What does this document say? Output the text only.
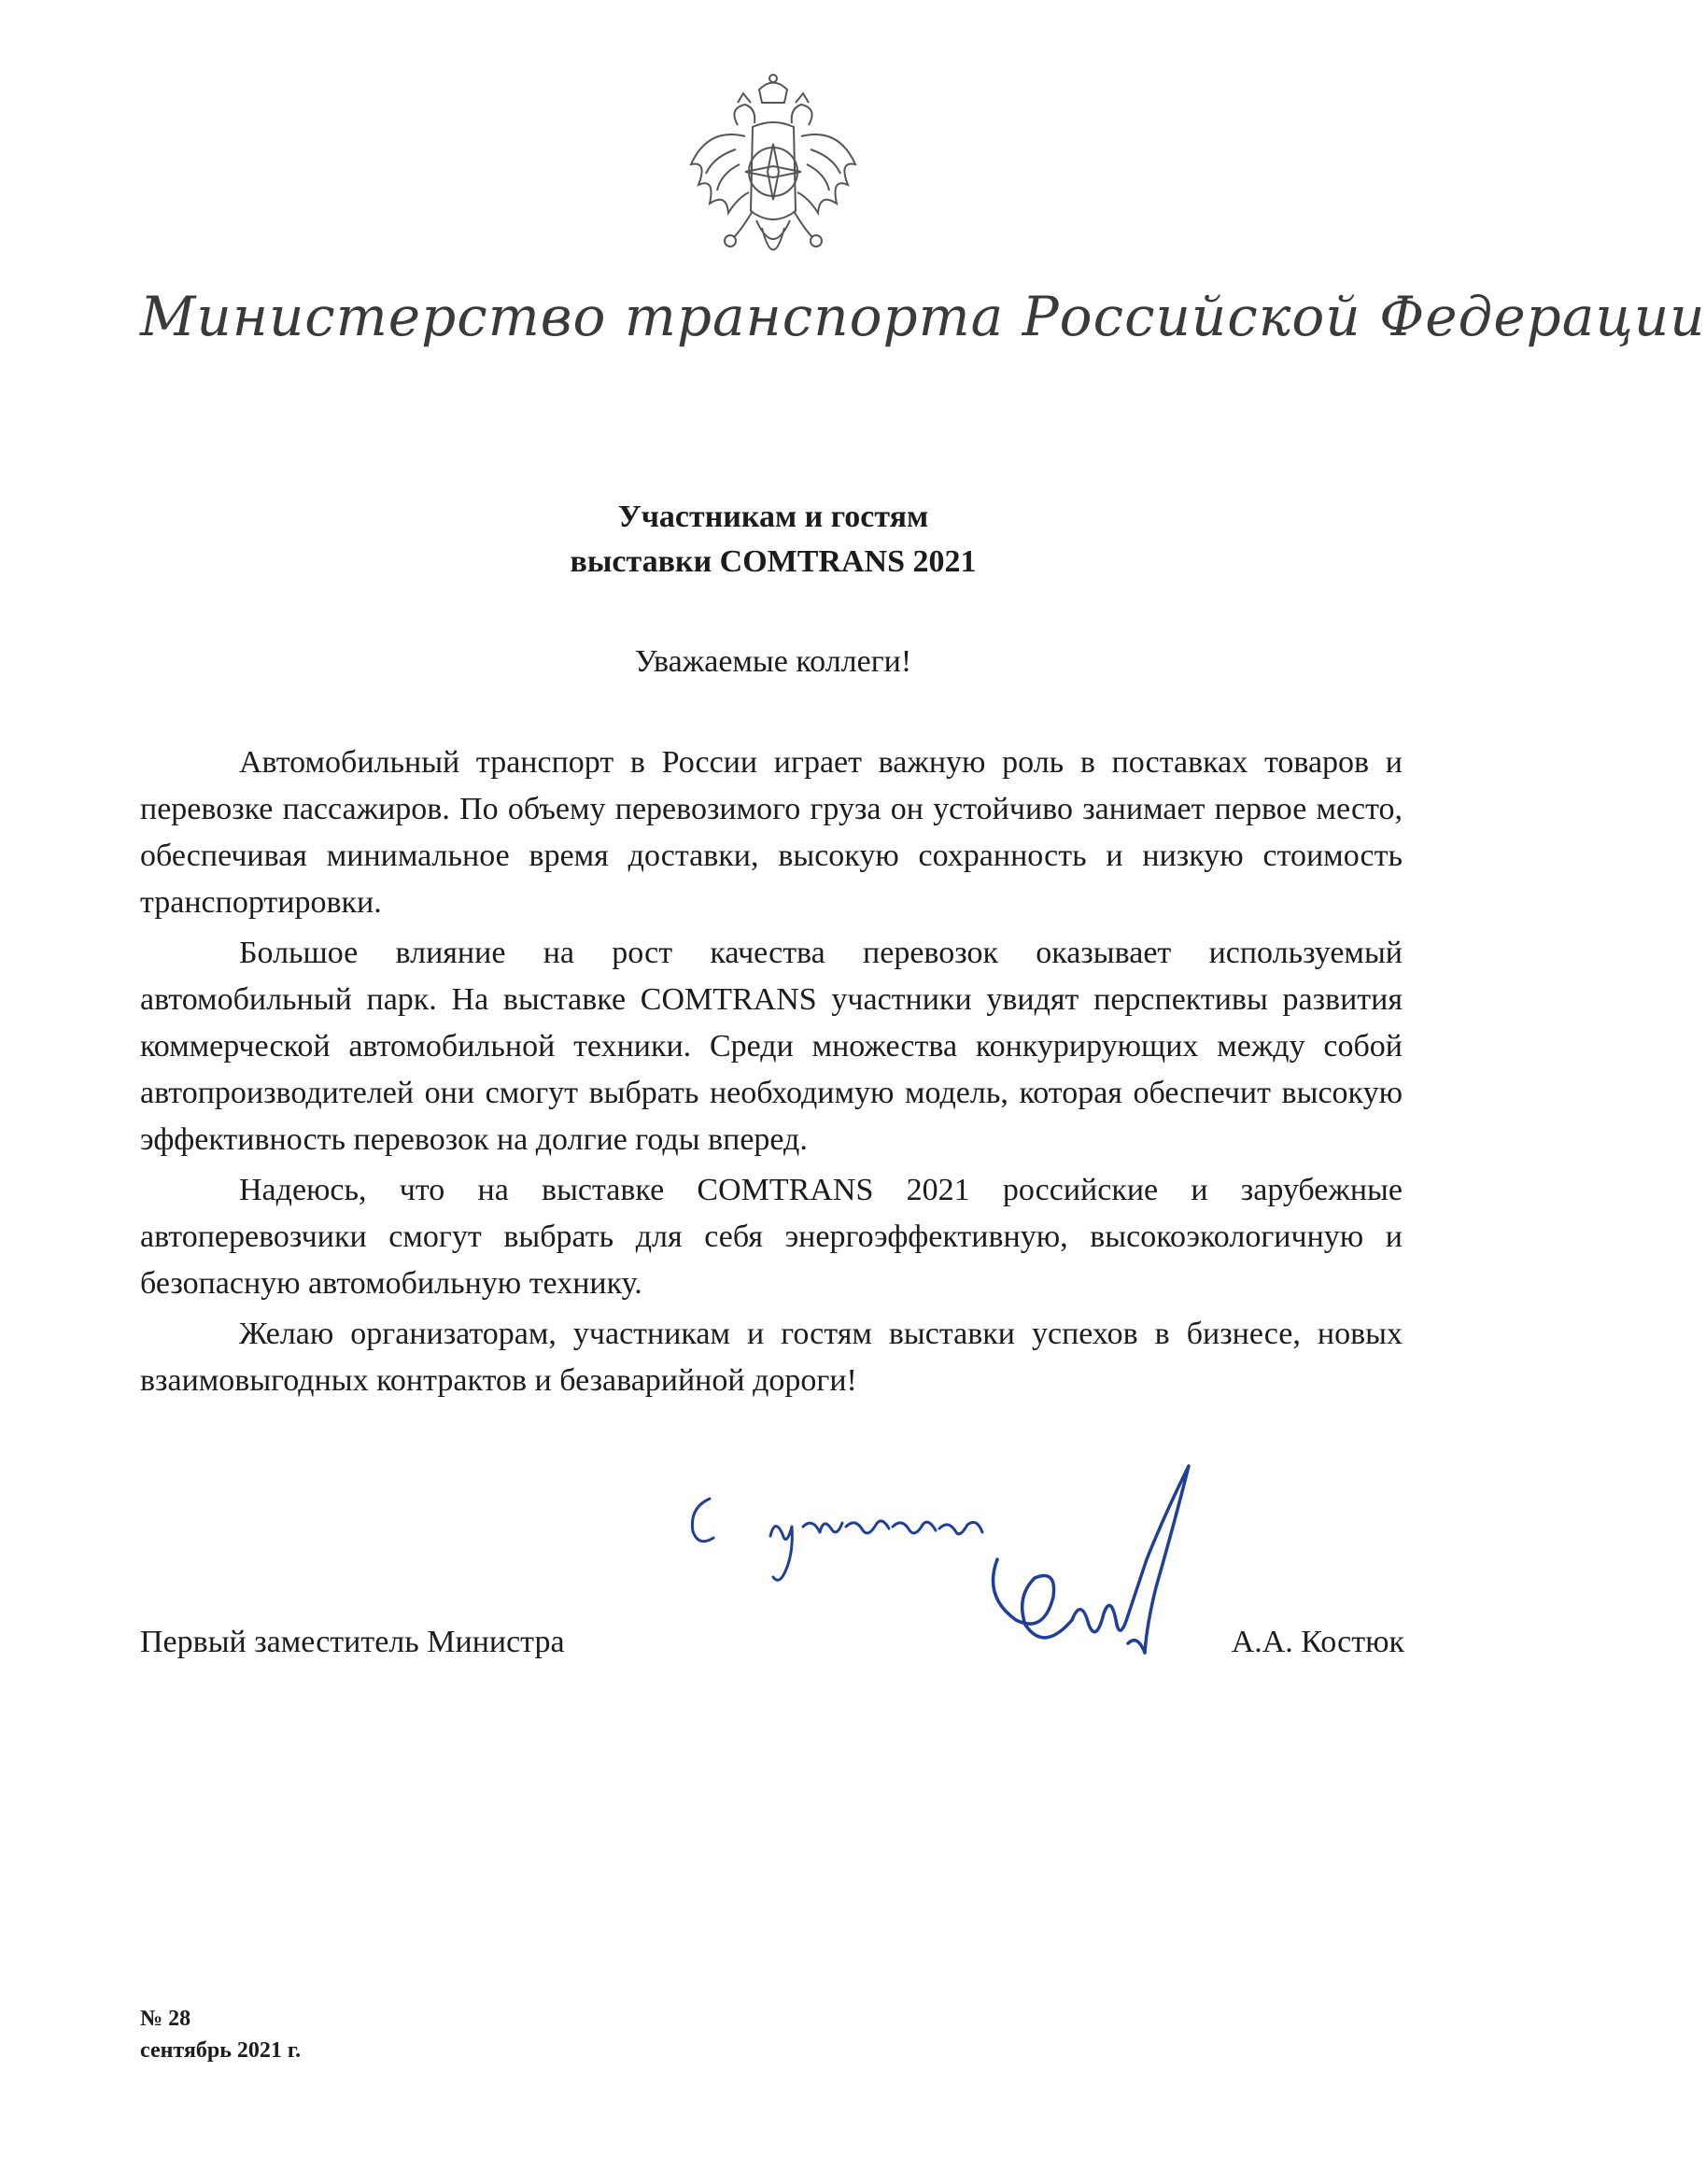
Министерство транспорта Российской Федерации
Участникам и гостям
выставки COMTRANS 2021
Уважаемые коллеги!

Автомобильный транспорт в России играет важную роль в поставках товаров и перевозке пассажиров. По объему перевозимого груза он устойчиво занимает первое место, обеспечивая минимальное время доставки, высокую сохранность и низкую стоимость транспортировки.

Большое влияние на рост качества перевозок оказывает используемый автомобильный парк. На выставке COMTRANS участники увидят перспективы развития коммерческой автомобильной техники. Среди множества конкурирующих между собой автопроизводителей они смогут выбрать необходимую модель, которая обеспечит высокую эффективность перевозок на долгие годы вперед.

Надеюсь, что на выставке COMTRANS 2021 российские и зарубежные автоперевозчики смогут выбрать для себя энергоэффективную, высокоэкологичную и безопасную автомобильную технику.

Желаю организаторам, участникам и гостям выставки успехов в бизнесе, новых взаимовыгодных контрактов и безаварийной дороги!

Первый заместитель Министра	А.А. Костюк
№ 28
сентябрь 2021 г.
